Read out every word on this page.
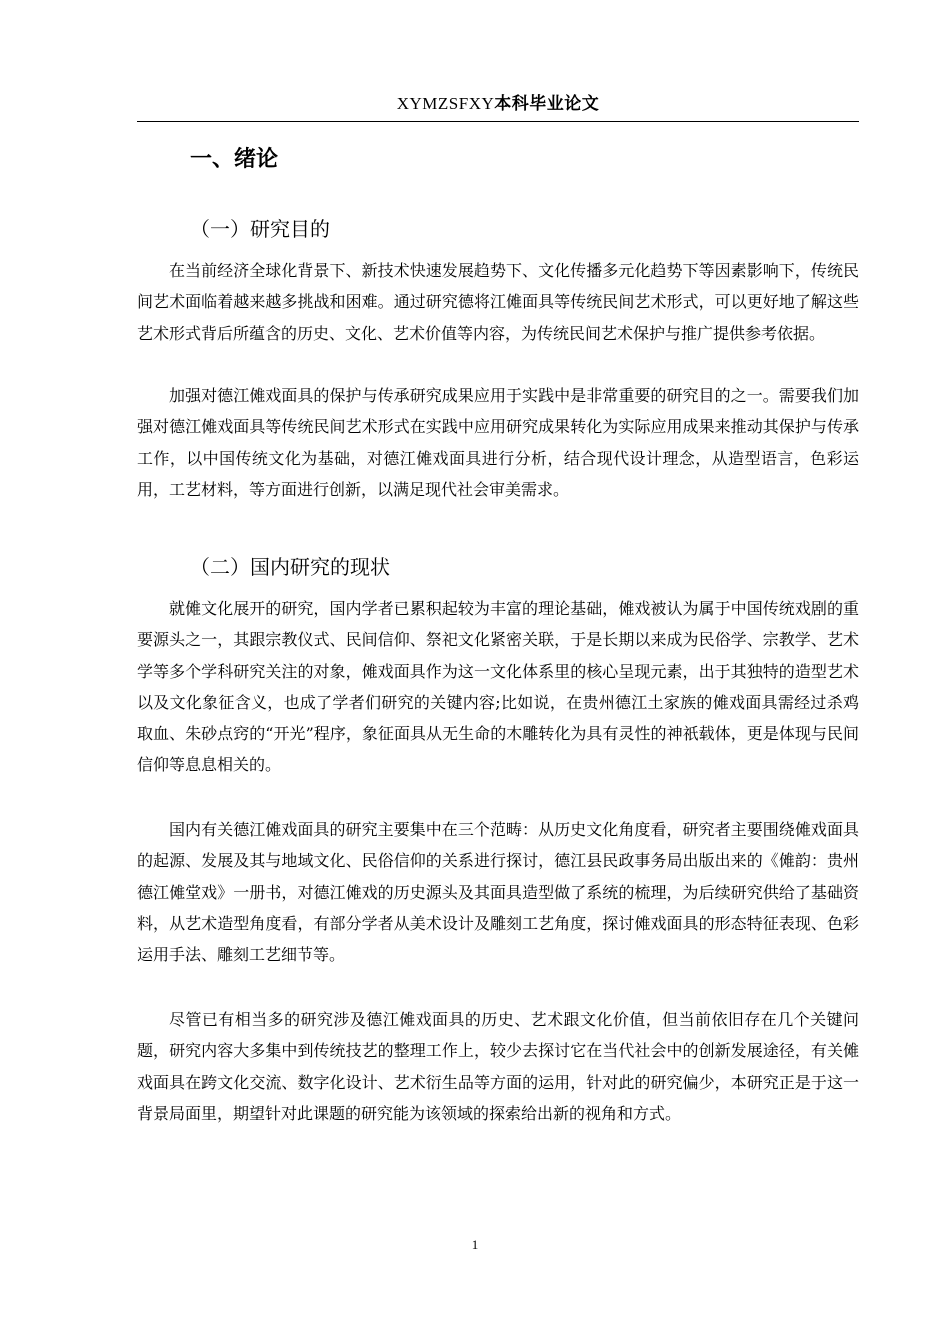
XYMZSFXY本科毕业论文
一、绪论
（一）研究目的

在当前经济全球化背景下、新技术快速发展趋势下、文化传播多元化趋势下等因素影响下，传统民间艺术面临着越来越多挑战和困难。通过研究德将江傩面具等传统民间艺术形式，可以更好地了解这些艺术形式背后所蕴含的历史、文化、艺术价值等内容，为传统民间艺术保护与推广提供参考依据。

加强对德江傩戏面具的保护与传承研究成果应用于实践中是非常重要的研究目的之一。需要我们加强对德江傩戏面具等传统民间艺术形式在实践中应用研究成果转化为实际应用成果来推动其保护与传承工作，以中国传统文化为基础，对德江傩戏面具进行分析，结合现代设计理念，从造型语言，色彩运用，工艺材料，等方面进行创新，以满足现代社会审美需求。

（二）国内研究的现状

就傩文化展开的研究，国内学者已累积起较为丰富的理论基础，傩戏被认为属于中国传统戏剧的重要源头之一，其跟宗教仪式、民间信仰、祭祀文化紧密关联，于是长期以来成为民俗学、宗教学、艺术学等多个学科研究关注的对象，傩戏面具作为这一文化体系里的核心呈现元素，出于其独特的造型艺术以及文化象征含义，也成了学者们研究的关键内容;比如说，在贵州德江土家族的傩戏面具需经过杀鸡取血、朱砂点窍的“开光”程序，象征面具从无生命的木雕转化为具有灵性的神祇载体，更是体现与民间信仰等息息相关的。

国内有关德江傩戏面具的研究主要集中在三个范畴：从历史文化角度看，研究者主要围绕傩戏面具的起源、发展及其与地域文化、民俗信仰的关系进行探讨，德江县民政事务局出版出来的《傩韵：贵州德江傩堂戏》一册书，对德江傩戏的历史源头及其面具造型做了系统的梳理，为后续研究供给了基础资料，从艺术造型角度看，有部分学者从美术设计及雕刻工艺角度，探讨傩戏面具的形态特征表现、色彩运用手法、雕刻工艺细节等。

尽管已有相当多的研究涉及德江傩戏面具的历史、艺术跟文化价值，但当前依旧存在几个关键问题，研究内容大多集中到传统技艺的整理工作上，较少去探讨它在当代社会中的创新发展途径，有关傩戏面具在跨文化交流、数字化设计、艺术衍生品等方面的运用，针对此的研究偏少，本研究正是于这一背景局面里，期望针对此课题的研究能为该领域的探索给出新的视角和方式。

1
